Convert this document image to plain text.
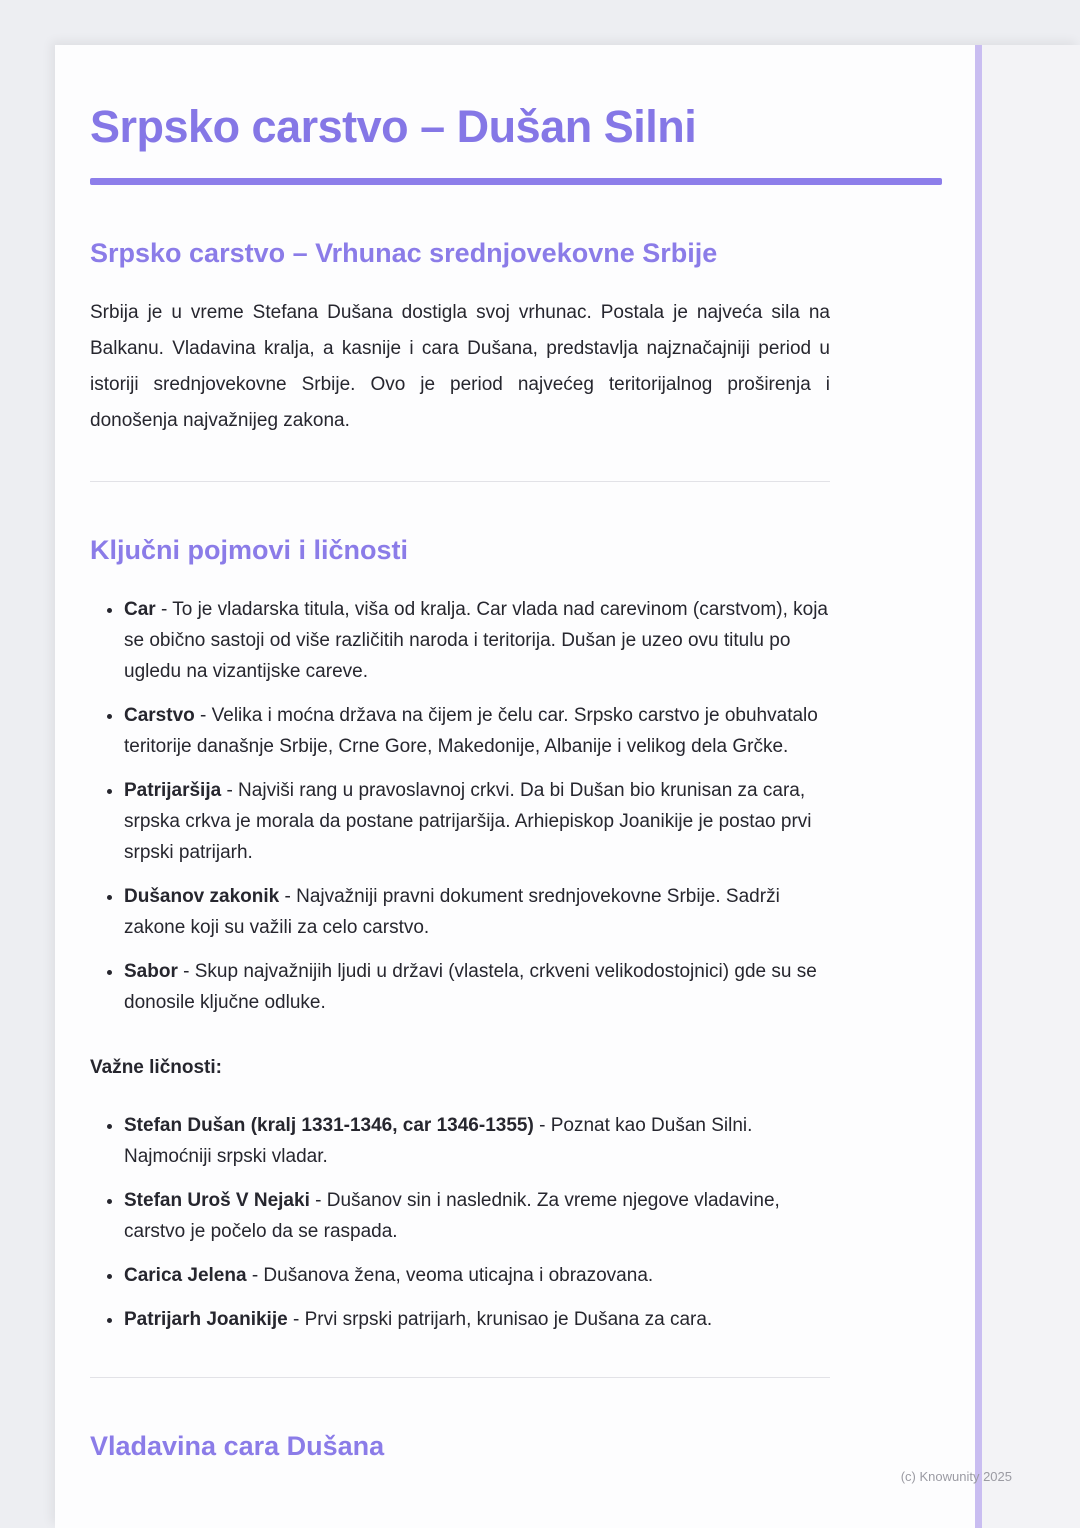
Srpsko carstvo – Dušan Silni
Srpsko carstvo – Vrhunac srednjovekovne Srbije

Srbija je u vreme Stefana Dušana dostigla svoj vrhunac. Postala je najveća sila na Balkanu. Vladavina kralja, a kasnije i cara Dušana, predstavlja najznačajniji period u istoriji srednjovekovne Srbije. Ovo je period najvećeg teritorijalnog proširenja i donošenja najvažnijeg zakona.

Ključni pojmovi i ličnosti
• Car - To je vladarska titula, viša od kralja. Car vlada nad carevinom (carstvom), koja se obično sastoji od više različitih naroda i teritorija. Dušan je uzeo ovu titulu po ugledu na vizantijske careve.
• Carstvo - Velika i moćna država na čijem je čelu car. Srpsko carstvo je obuhvatalo teritorije današnje Srbije, Crne Gore, Makedonije, Albanije i velikog dela Grčke.
• Patrijaršija - Najviši rang u pravoslavnoj crkvi. Da bi Dušan bio krunisan za cara, srpska crkva je morala da postane patrijaršija. Arhiepiskop Joanikije je postao prvi srpski patrijarh.
• Dušanov zakonik - Najvažniji pravni dokument srednjovekovne Srbije. Sadrži zakone koji su važili za celo carstvo.
• Sabor - Skup najvažnijih ljudi u državi (vlastela, crkveni velikodostojnici) gde su se donosile ključne odluke.

Važne ličnosti:

• Stefan Dušan (kralj 1331-1346, car 1346-1355) - Poznat kao Dušan Silni. Najmoćniji srpski vladar.
• Stefan Uroš V Nejaki - Dušanov sin i naslednik. Za vreme njegove vladavine, carstvo je počelo da se raspada.
• Carica Jelena - Dušanova žena, veoma uticajna i obrazovana.
• Patrijarh Joanikije - Prvi srpski patrijarh, krunisao je Dušana za cara.
Vladavina cara Dušana
(c) Knowunity 2025
